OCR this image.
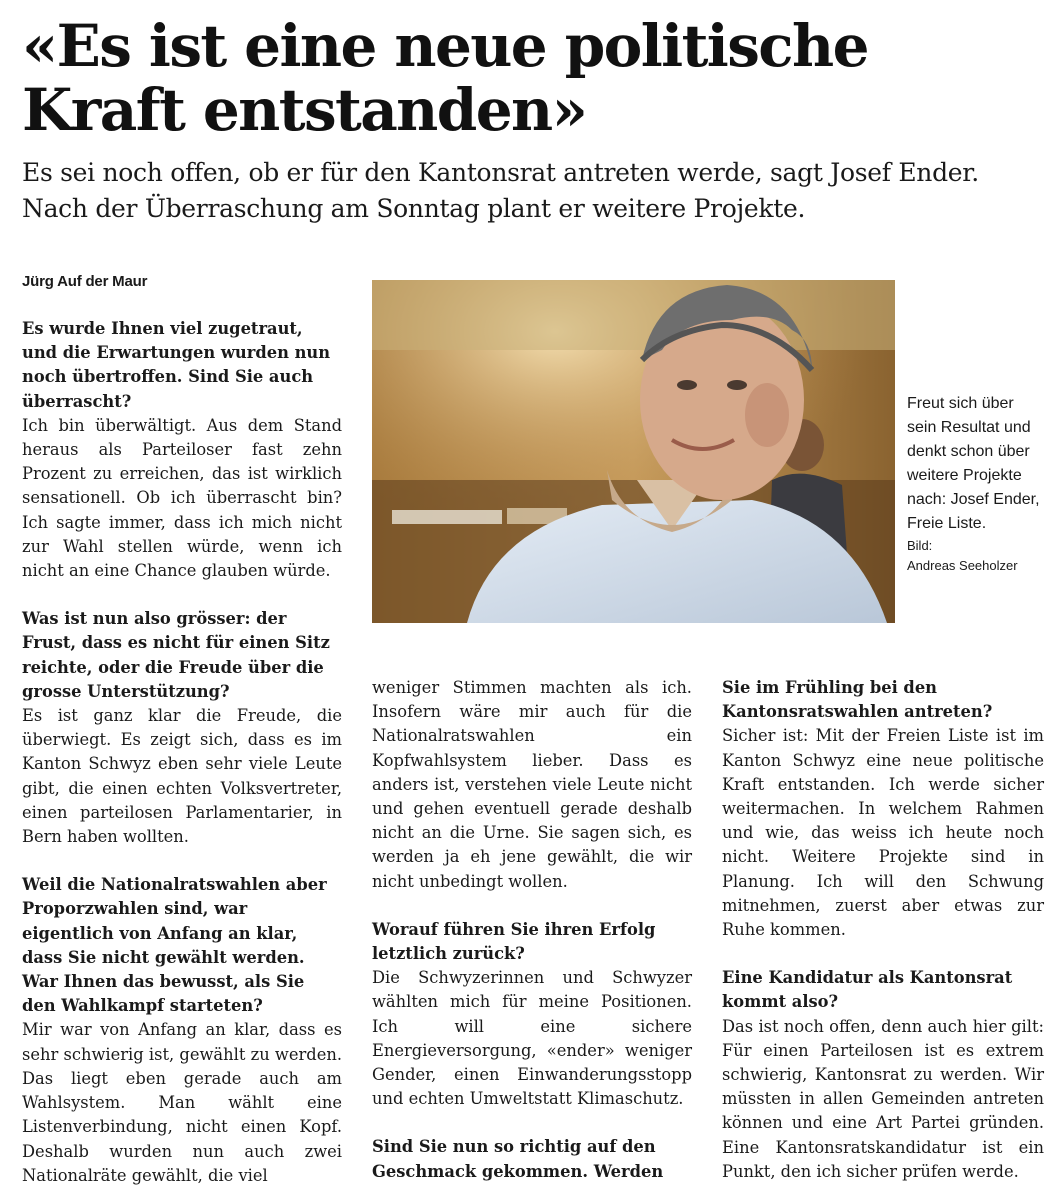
«Es ist eine neue politische Kraft entstanden»

Es sei noch offen, ob er für den Kantonsrat antreten werde, sagt Josef Ender. Nach der Überraschung am Sonntag plant er weitere Projekte.

Jürg Auf der Maur

Es wurde Ihnen viel zugetraut, und die Erwartungen wurden nun noch übertroffen. Sind Sie auch überrascht?

Ich bin überwältigt. Aus dem Stand heraus als Parteiloser fast zehn Prozent zu erreichen, das ist wirklich sensationell. Ob ich überrascht bin? Ich sagte immer, dass ich mich nicht zur Wahl stellen würde, wenn ich nicht an eine Chance glauben würde.

Was ist nun also grösser: der Frust, dass es nicht für einen Sitz reichte, oder die Freude über die grosse Unterstützung?

Es ist ganz klar die Freude, die überwiegt. Es zeigt sich, dass es im Kanton Schwyz eben sehr viele Leute gibt, die einen echten Volksvertreter, einen parteilosen Parlamentarier, in Bern haben wollten.

Weil die Nationalratswahlen aber Proporzwahlen sind, war eigentlich von Anfang an klar, dass Sie nicht gewählt werden. War Ihnen das bewusst, als Sie den Wahlkampf starteten?

Mir war von Anfang an klar, dass es sehr schwierig ist, gewählt zu werden. Das liegt eben gerade auch am Wahlsystem. Man wählt eine Listenverbindung, nicht einen Kopf. Deshalb wurden nun auch zwei Nationalräte gewählt, die viel

Freut sich über sein Resultat und denkt schon über weitere Projekte nach: Josef Ender, Freie Liste.
Bild:
Andreas Seeholzer

weniger Stimmen machten als ich. Insofern wäre mir auch für die Nationalratswahlen ein Kopfwahlsystem lieber. Dass es anders ist, verstehen viele Leute nicht und gehen eventuell gerade deshalb nicht an die Urne. Sie sagen sich, es werden ja eh jene gewählt, die wir nicht unbedingt wollen.

Worauf führen Sie ihren Erfolg letztlich zurück?

Die Schwyzerinnen und Schwyzer wählten mich für meine Positionen. Ich will eine sichere Energieversorgung, «ender» weniger Gender, einen Einwanderungsstopp und echten Umweltstatt Klimaschutz.

Sind Sie nun so richtig auf den Geschmack gekommen. Werden

Sie im Frühling bei den Kantonsratswahlen antreten?

Sicher ist: Mit der Freien Liste ist im Kanton Schwyz eine neue politische Kraft entstanden. Ich werde sicher weitermachen. In welchem Rahmen und wie, das weiss ich heute noch nicht. Weitere Projekte sind in Planung. Ich will den Schwung mitnehmen, zuerst aber etwas zur Ruhe kommen.

Eine Kandidatur als Kantonsrat kommt also?

Das ist noch offen, denn auch hier gilt: Für einen Parteilosen ist es extrem schwierig, Kantonsrat zu werden. Wir müssten in allen Gemeinden antreten können und eine Art Partei gründen. Eine Kantonsratskandidatur ist ein Punkt, den ich sicher prüfen werde.
